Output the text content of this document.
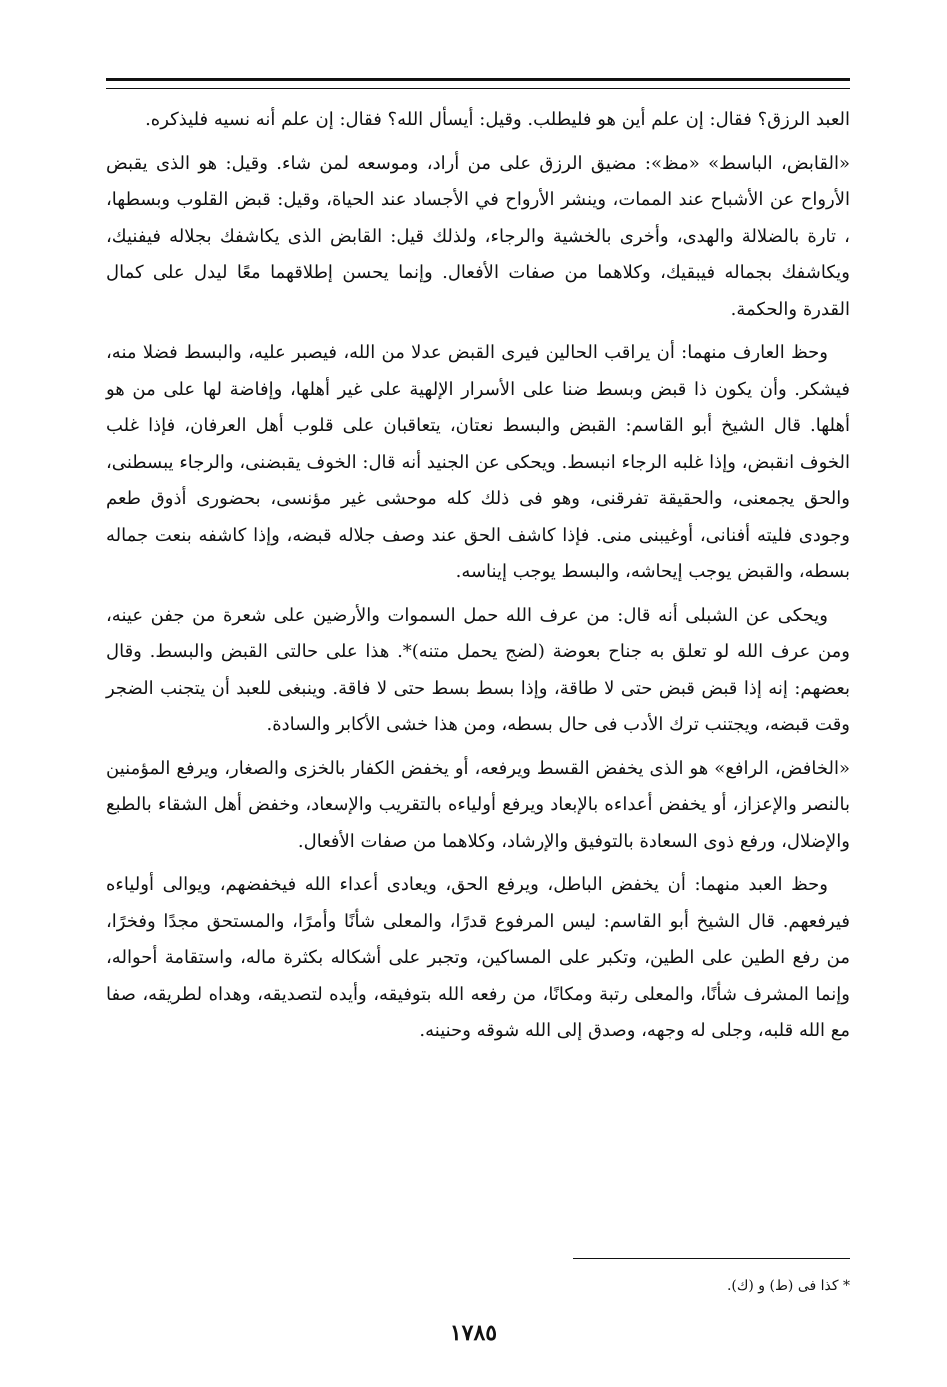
العبد الرزق؟ فقال: إن علم أين هو فليطلب. وقيل: أيسأل الله؟ فقال: إن علم أنه نسيه فليذكره.

«القابض، الباسط» «مظ»: مضيق الرزق على من أراد، وموسعه لمن شاء. وقيل: هو الذى يقبض الأرواح عن الأشباح عند الممات، وينشر الأرواح في الأجساد عند الحياة، وقيل: قبض القلوب وبسطها، ، تارة بالضلالة والهدى، وأخرى بالخشية والرجاء، ولذلك قيل: القابض الذى يكاشفك بجلاله فيفنيك، ويكاشفك بجماله فيبقيك، وكلاهما من صفات الأفعال. وإنما يحسن إطلاقهما معًا ليدل على كمال القدرة والحكمة.

وحظ العارف منهما: أن يراقب الحالين فيرى القبض عدلا من الله، فيصبر عليه، والبسط فضلا منه، فيشكر. وأن يكون ذا قبض وبسط ضنا على الأسرار الإلهية على غير أهلها، وإفاضة لها على من هو أهلها. قال الشيخ أبو القاسم: القبض والبسط نعتان، يتعاقبان على قلوب أهل العرفان، فإذا غلب الخوف انقبض، وإذا غلبه الرجاء انبسط. ويحكى عن الجنيد أنه قال: الخوف يقبضنى، والرجاء يبسطنى، والحق يجمعنى، والحقيقة تفرقنى، وهو فى ذلك كله موحشى غير مؤنسى، بحضورى أذوق طعم وجودى فليته أفنانى، أوغيبنى منى. فإذا كاشف الحق عند وصف جلاله قبضه، وإذا كاشفه بنعت جماله بسطه، والقبض يوجب إيحاشه، والبسط يوجب إيناسه.

ويحكى عن الشبلى أنه قال: من عرف الله حمل السموات والأرضين على شعرة من جفن عينه، ومن عرف الله لو تعلق به جناح بعوضة (لضج يحمل متنه)*. هذا على حالتى القبض والبسط. وقال بعضهم: إنه إذا قبض قبض حتى لا طاقة، وإذا بسط بسط حتى لا فاقة. وينبغى للعبد أن يتجنب الضجر وقت قبضه، ويجتنب ترك الأدب فى حال بسطه، ومن هذا خشى الأكابر والسادة.

«الخافض، الرافع» هو الذى يخفض القسط ويرفعه، أو يخفض الكفار بالخزى والصغار، ويرفع المؤمنين بالنصر والإعزاز، أو يخفض أعداءه بالإبعاد ويرفع أولياءه بالتقريب والإسعاد، وخفض أهل الشقاء بالطبع والإضلال، ورفع ذوى السعادة بالتوفيق والإرشاد، وكلاهما من صفات الأفعال.

وحظ العبد منهما: أن يخفض الباطل، ويرفع الحق، ويعادى أعداء الله فيخفضهم، ويوالى أولياءه فيرفعهم. قال الشيخ أبو القاسم: ليس المرفوع قدرًا، والمعلى شأنًا وأمرًا، والمستحق مجدًا وفخرًا، من رفع الطين على الطين، وتكبر على المساكين، وتجبر على أشكاله بكثرة ماله، واستقامة أحواله، وإنما المشرف شأنًا، والمعلى رتبة ومكانًا، من رفعه الله بتوفيقه، وأيده لتصديقه، وهداه لطريقه، صفا مع الله قلبه، وجلى له وجهه، وصدق إلى الله شوقه وحنينه.

* كذا فى (ط) و (ك).
١٧٨٥
